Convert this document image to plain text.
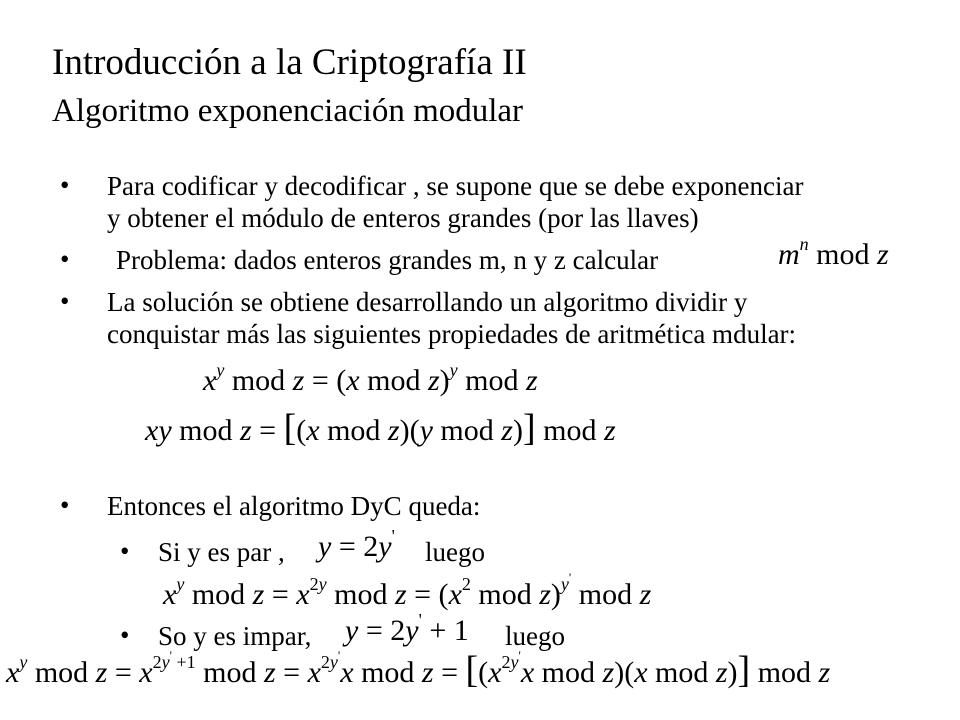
Introducción a la Criptografía II
Algoritmo exponenciación modular
• Para codificar y decodificar , se supone que se debe exponenciar
y obtener el módulo de enteros grandes (por las llaves)
• Problema: dados enteros grandes m, n y z calcular	$m^n$ mod z
• La solución se obtiene desarrollando un algoritmo dividir y
conquistar más las siguientes propiedades de aritmética mdular:
$x^y$ mod z = (x mod z)$^y$ mod z
xy mod z = [(x mod z)(y mod z)] mod z
• Entonces el algoritmo DyC queda:
• Si y es par , y = 2y'
luego
$x^y$ mod $z = x^{2y}$ mod $z = (x^2$ mod z)$^{y'}$ mod z
• So y es impar, y = 2y' + 1 luego
$x^y$ mod $z = x^{2y' +1}$ mod $z = x^{2y'}x$ mod $z = [(x^{2y'}x$ mod z)(x mod z)] mod z
